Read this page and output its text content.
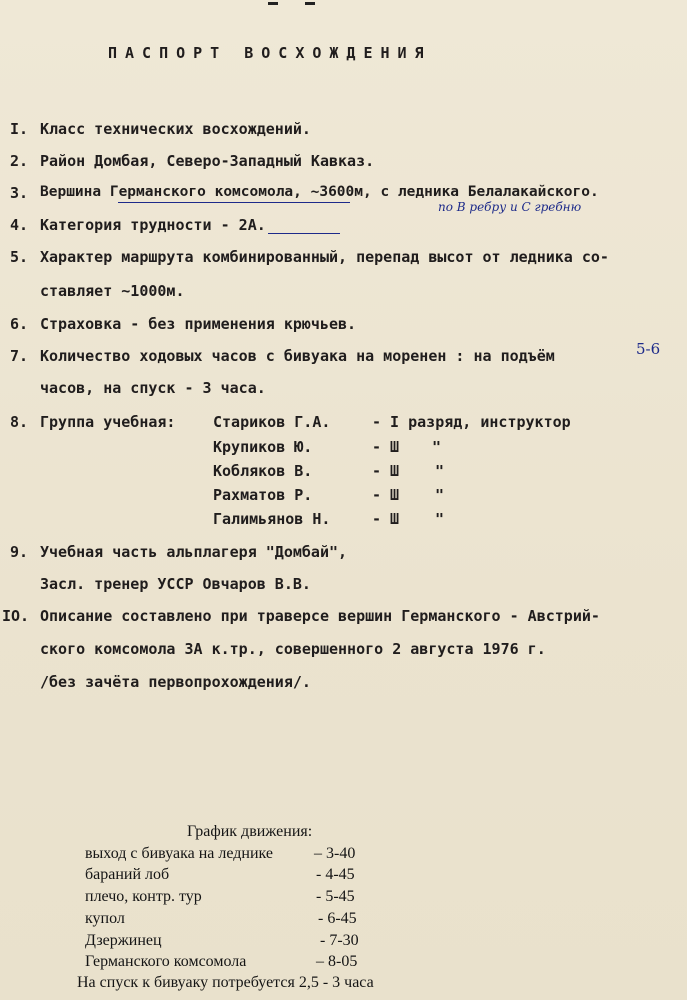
ПАСПОРТ ВОСХОЖДЕНИЯ
I. Класс технических восхождений.
2. Район Домбая, Северо-Западный Кавказ.
3. Вершина Германского комсомола, ~3600м, с ледника Белалакайского.
по В ребру и С гребню
4. Категория трудности - 2А.
5. Характер маршрута комбинированный, перепад высот от ледника со-
ставляет ~1000м.
6. Страховка - без применения крючьев.
7. Количество ходовых часов с бивуака на моренен : на подъём	5-6
часов, на спуск - 3 часа.
8. Группа учебная:	Стариков Г.А.	- I разряд, инструктор
Крупиков Ю.	- Ш "
Кобляков В.	- Ш "
Рахматов Р.	- Ш "
Галимьянов Н.	- Ш "
9. Учебная часть альплагеря "Домбай",
Засл. тренер УССР Овчаров В.В.
IO. Описание составлено при траверсе вершин Германского - Австрий-
ского комсомола 3А к.тр., совершенного 2 августа 1976 г.
/без зачёта первопрохождения/.
График движения:
выход с бивуака на леднике	– 3-40
бараний лоб	- 4-45
плечо, контр. тур	- 5-45
купол	- 6-45
Дзержинец	- 7-30
Германского комсомола	– 8-05
На спуск к бивуаку потребуется 2,5 - 3 часа
